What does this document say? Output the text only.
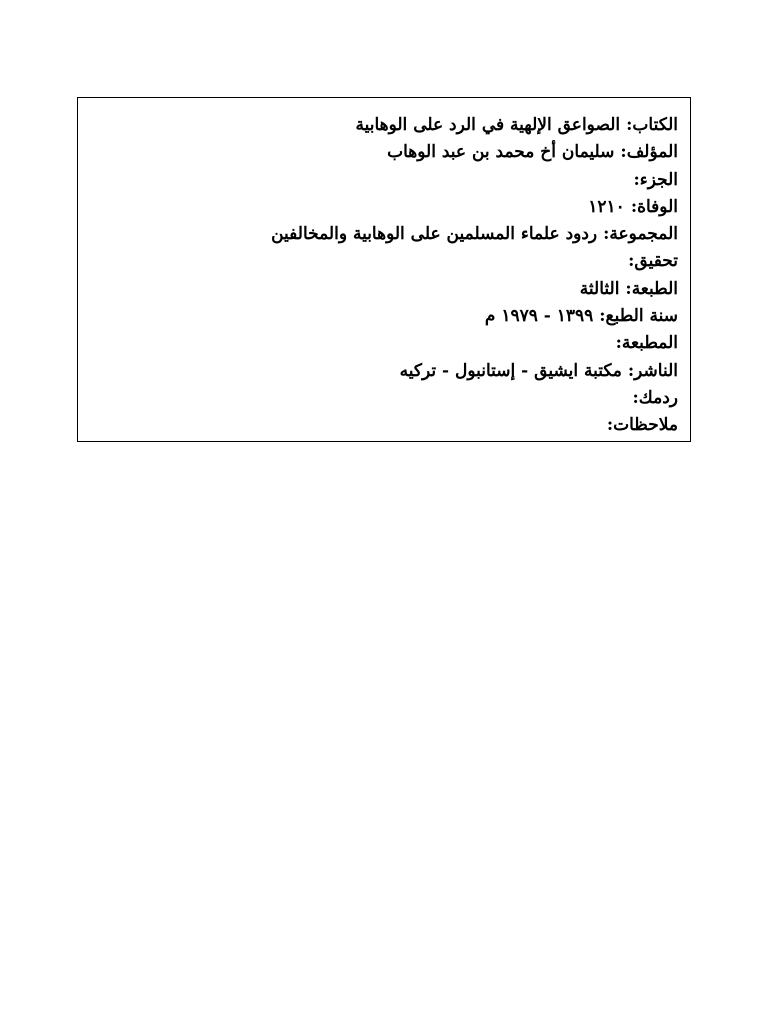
الكتاب:الصواعق الإلهية في الرد على الوهابية
المؤلف:سليمان أخ محمد بن عبد الوهاب
الجزء:
الوفاة:١٢١٠
المجموعة:ردود علماء المسلمين على الوهابية والمخالفين
تحقيق:
الطبعة:الثالثة
سنة الطبع:١٣٩٩ - ١٩٧٩ م
المطبعة:
الناشر:مكتبة ايشيق - إستانبول - تركيه
ردمك:
ملاحظات:
